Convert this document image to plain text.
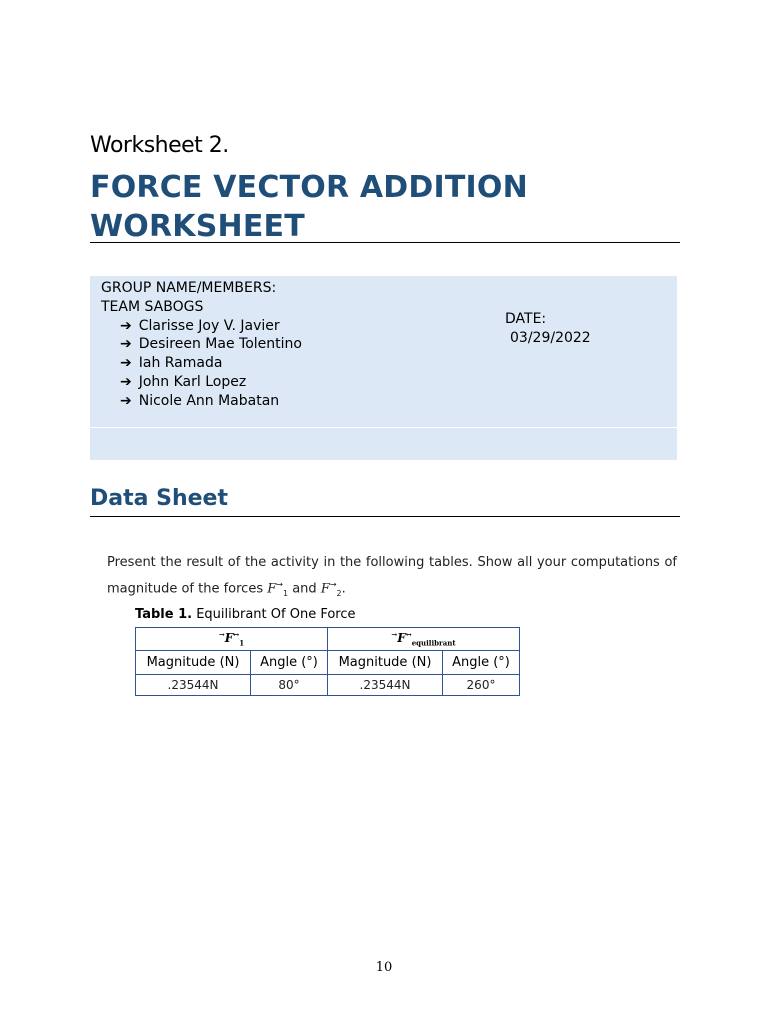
Worksheet 2.
FORCE VECTOR ADDITION
WORKSHEET
GROUP NAME/MEMBERS:
TEAM SABOGS
➔ Clarisse Joy V. Javier
➔ Desireen Mae Tolentino
➔ Iah Ramada
➔ John Karl Lopez
➔ Nicole Ann Mabatan
DATE:
03/29/2022
Data Sheet
Present the result of the activity in the following tables. Show all your computations of magnitude of the forces $F^\to_1$ and $F^\to_2$.
Table 1. Equilibrant Of One Force
$^\to F^\leftrightarrow_1$		$^\to F^\leftrightarrow_{equilibrant}$
Magnitude (N)	Angle (°)	Magnitude (N)	Angle (°)
.23544N	80°	.23544N	260°
10
